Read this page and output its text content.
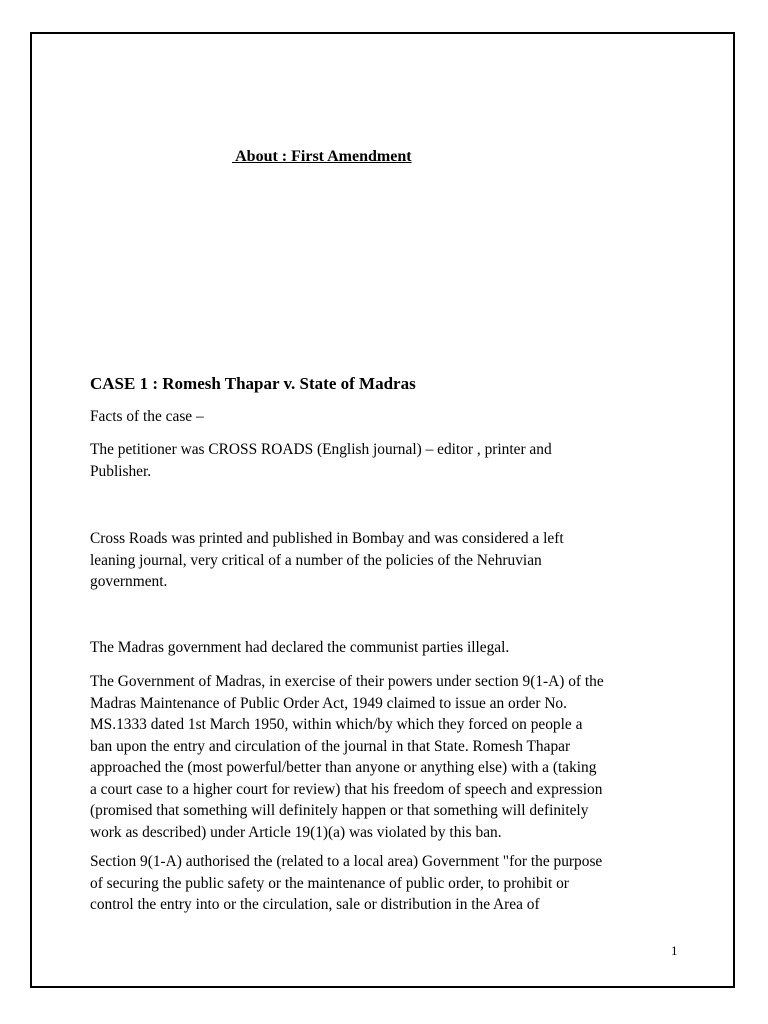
About : First Amendment
CASE 1 : Romesh Thapar v. State of Madras
Facts of the case –
The petitioner was CROSS ROADS (English journal) – editor , printer and
Publisher.
Cross Roads was printed and published in Bombay and was considered a left
leaning journal, very critical of a number of the policies of the Nehruvian
government.
The Madras government had declared the communist parties illegal.
The Government of Madras, in exercise of their powers under section 9(1-A) of the
Madras Maintenance of Public Order Act, 1949 claimed to issue an order No.
MS.1333 dated 1st March 1950, within which/by which they forced on people a
ban upon the entry and circulation of the journal in that State. Romesh Thapar
approached the (most powerful/better than anyone or anything else) with a (taking
a court case to a higher court for review) that his freedom of speech and expression
(promised that something will definitely happen or that something will definitely
work as described) under Article 19(1)(a) was violated by this ban.
Section 9(1-A) authorised the (related to a local area) Government "for the purpose
of securing the public safety or the maintenance of public order, to prohibit or
control the entry into or the circulation, sale or distribution in the Area of
1
